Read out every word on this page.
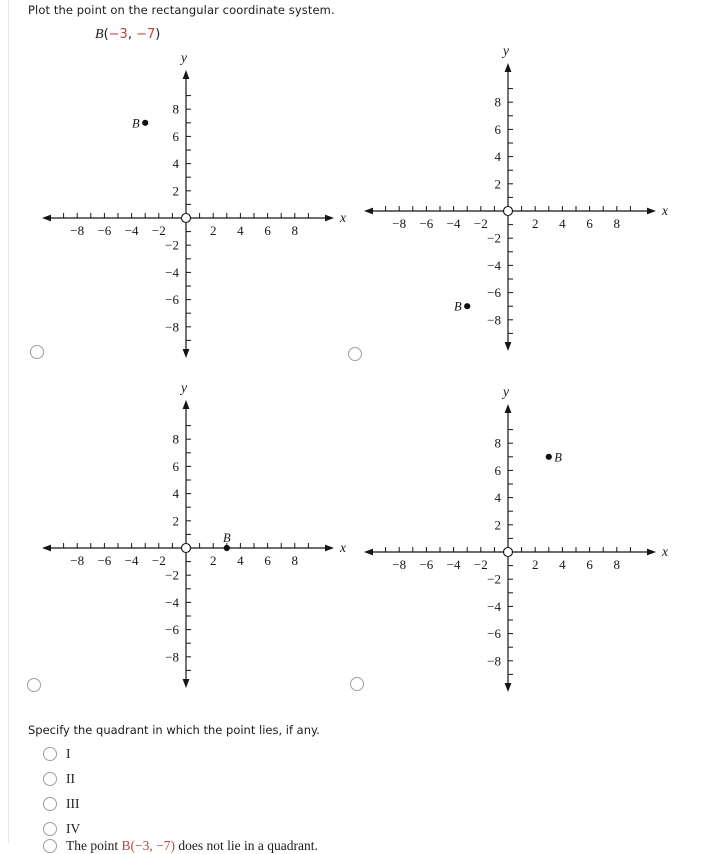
Plot the point on the rectangular coordinate system.
B(−3, −7)
−8 −6 −4 −2	2 4 6 8
−8
−6
−4
−2
2
4
6
8
x
y
B
−8 −6 −4 −2	2 4 6 8
−8
−6
−4
−2
2
4
6
8
x
y
B
−8 −6 −4 −2	2 4 6 8
−8
−6
−4
−2
2
4
6
8
x
y
B
−8 −6 −4 −2	2 4 6 8
−8
−6
−4
−2
2
4
6
8
x
y
B
Specify the quadrant in which the point lies, if any.
I
II
III
IV
The point B(−3, −7) does not lie in a quadrant.
